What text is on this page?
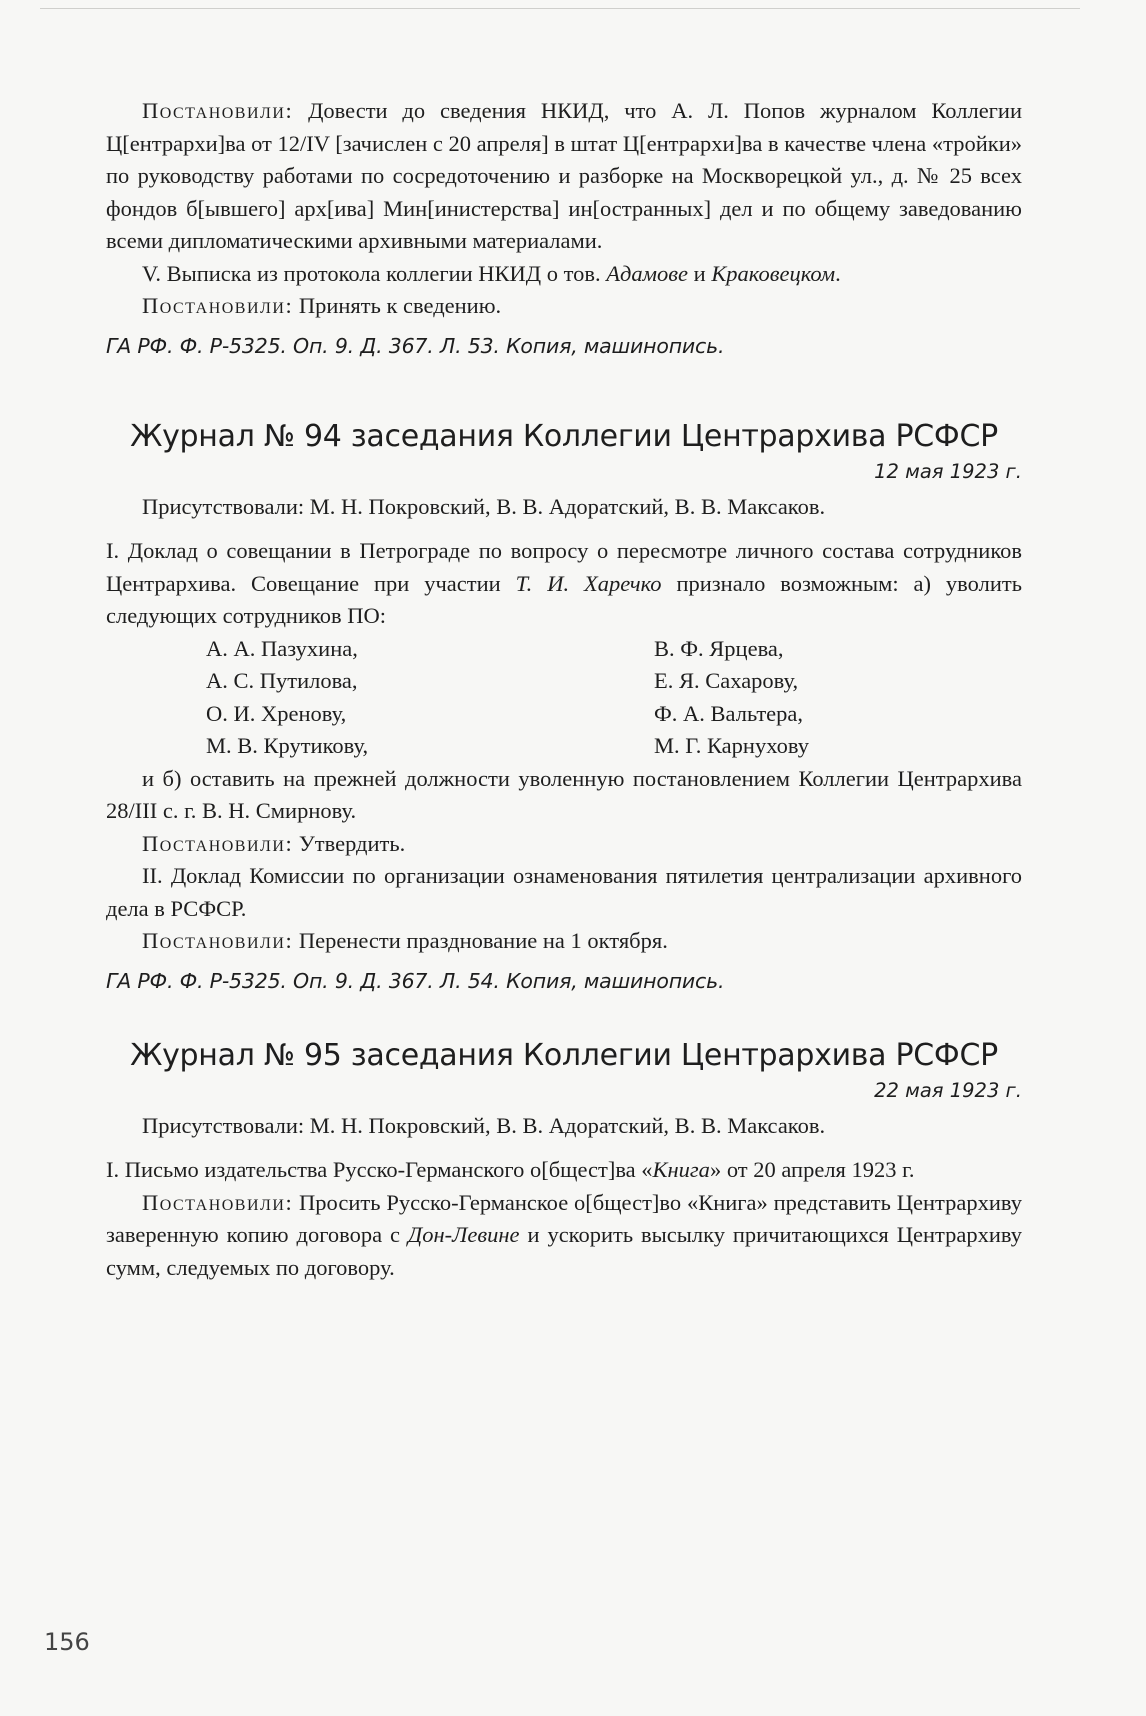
Постановили: Довести до сведения НКИД, что А. Л. Попов журналом Коллегии Ц[ентрархи]ва от 12/IV [зачислен с 20 апреля] в штат Ц[ентрархи]ва в качестве члена «тройки» по руководству работами по сосредоточению и разборке на Москворецкой ул., д. № 25 всех фондов б[ывшего] арх[ива] Мин[инистерства] ин[остранных] дел и по общему заведованию всеми дипломатическими архивными материалами.

V. Выписка из протокола коллегии НКИД о тов. Адамове и Краковецком.

Постановили: Принять к сведению.

ГА РФ. Ф. Р-5325. Оп. 9. Д. 367. Л. 53. Копия, машинопись.

Журнал № 94 заседания Коллегии Центрархива РСФСР
12 мая 1923 г.

Присутствовали: М. Н. Покровский, В. В. Адоратский, В. В. Максаков.

I. Доклад о совещании в Петрограде по вопросу о пересмотре личного состава сотрудников Центрархива. Совещание при участии Т. И. Харечко признало возможным: а) уволить следующих сотрудников ПО:

А. А. Пазухина,	В. Ф. Ярцева,
А. С. Путилова,	Е. Я. Сахарову,
О. И. Хренову,	Ф. А. Вальтера,
М. В. Крутикову,	М. Г. Карнухову

и б) оставить на прежней должности уволенную постановлением Коллегии Центрархива 28/III с. г. В. Н. Смирнову.

Постановили: Утвердить.

II. Доклад Комиссии по организации ознаменования пятилетия централизации архивного дела в РСФСР.

Постановили: Перенести празднование на 1 октября.

ГА РФ. Ф. Р-5325. Оп. 9. Д. 367. Л. 54. Копия, машинопись.

Журнал № 95 заседания Коллегии Центрархива РСФСР
22 мая 1923 г.

Присутствовали: М. Н. Покровский, В. В. Адоратский, В. В. Максаков.

I. Письмо издательства Русско-Германского о[бщест]ва «Книга» от 20 апреля 1923 г.

Постановили: Просить Русско-Германское о[бщест]во «Книга» представить Центрархиву заверенную копию договора с Дон-Левине и ускорить высылку причитающихся Центрархиву сумм, следуемых по договору.

156
